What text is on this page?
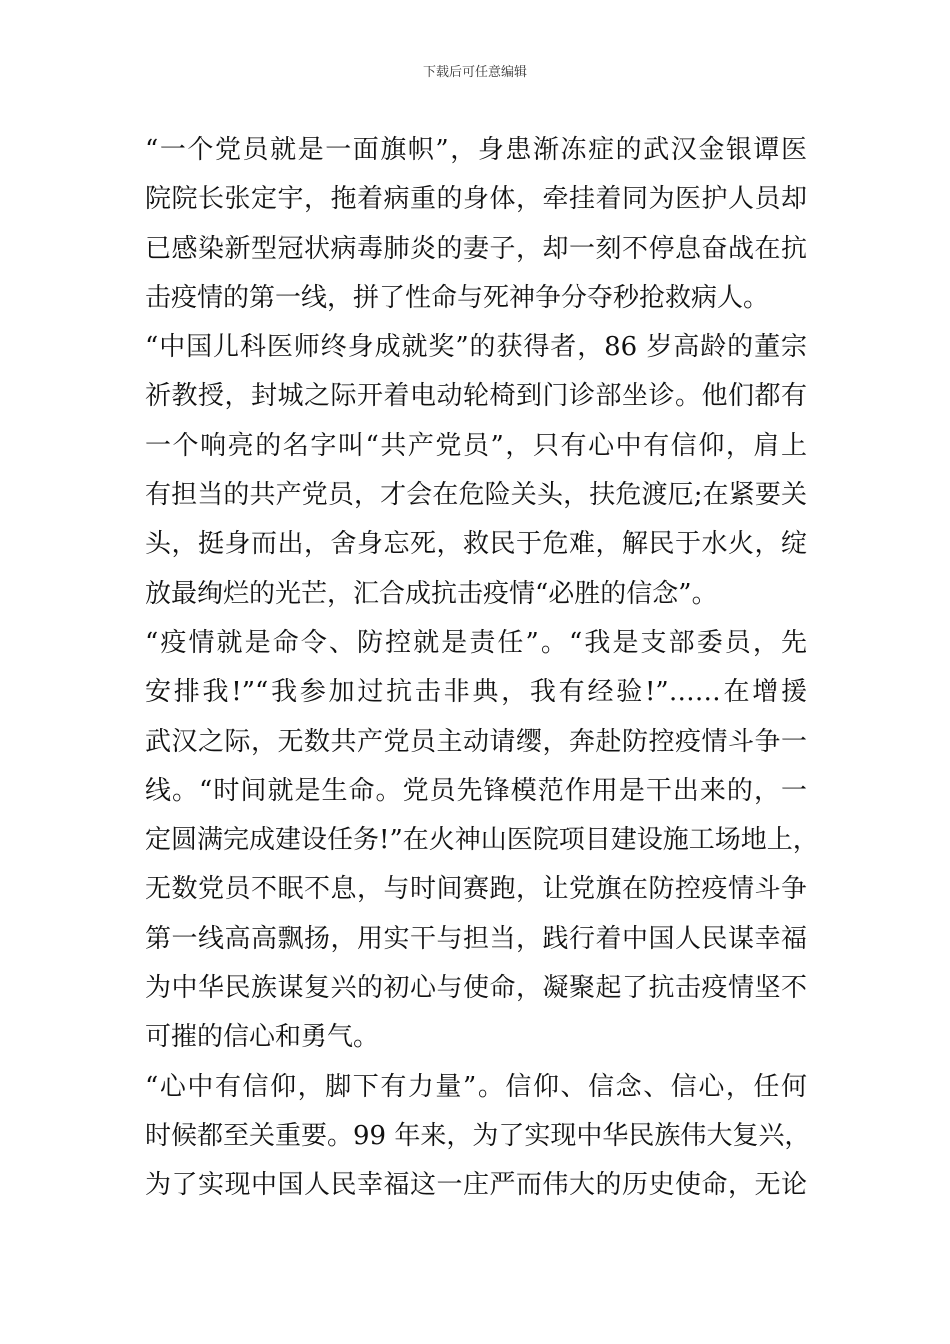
下载后可任意编辑
“一个党员就是一面旗帜”，身患渐冻症的武汉金银谭医
院院长张定宇，拖着病重的身体，牵挂着同为医护人员却
已感染新型冠状病毒肺炎的妻子，却一刻不停息奋战在抗
击疫情的第一线，拼了性命与死神争分夺秒抢救病人。
“中国儿科医师终身成就奖”的获得者，86 岁高龄的董宗
祈教授，封城之际开着电动轮椅到门诊部坐诊。他们都有
一个响亮的名字叫“共产党员”，只有心中有信仰，肩上
有担当的共产党员，才会在危险关头，扶危渡厄;在紧要关
头，挺身而出，舍身忘死，救民于危难，解民于水火，绽
放最绚烂的光芒，汇合成抗击疫情“必胜的信念”。
“疫情就是命令、防控就是责任”。“我是支部委员，先
安排我!”“我参加过抗击非典，我有经验!”……在增援
武汉之际，无数共产党员主动请缨，奔赴防控疫情斗争一
线。“时间就是生命。党员先锋模范作用是干出来的，一
定圆满完成建设任务!”在火神山医院项目建设施工场地上，
无数党员不眠不息，与时间赛跑，让党旗在防控疫情斗争
第一线高高飘扬，用实干与担当，践行着中国人民谋幸福
为中华民族谋复兴的初心与使命，凝聚起了抗击疫情坚不
可摧的信心和勇气。
“心中有信仰，脚下有力量”。信仰、信念、信心，任何
时候都至关重要。99 年来，为了实现中华民族伟大复兴，
为了实现中国人民幸福这一庄严而伟大的历史使命，无论
